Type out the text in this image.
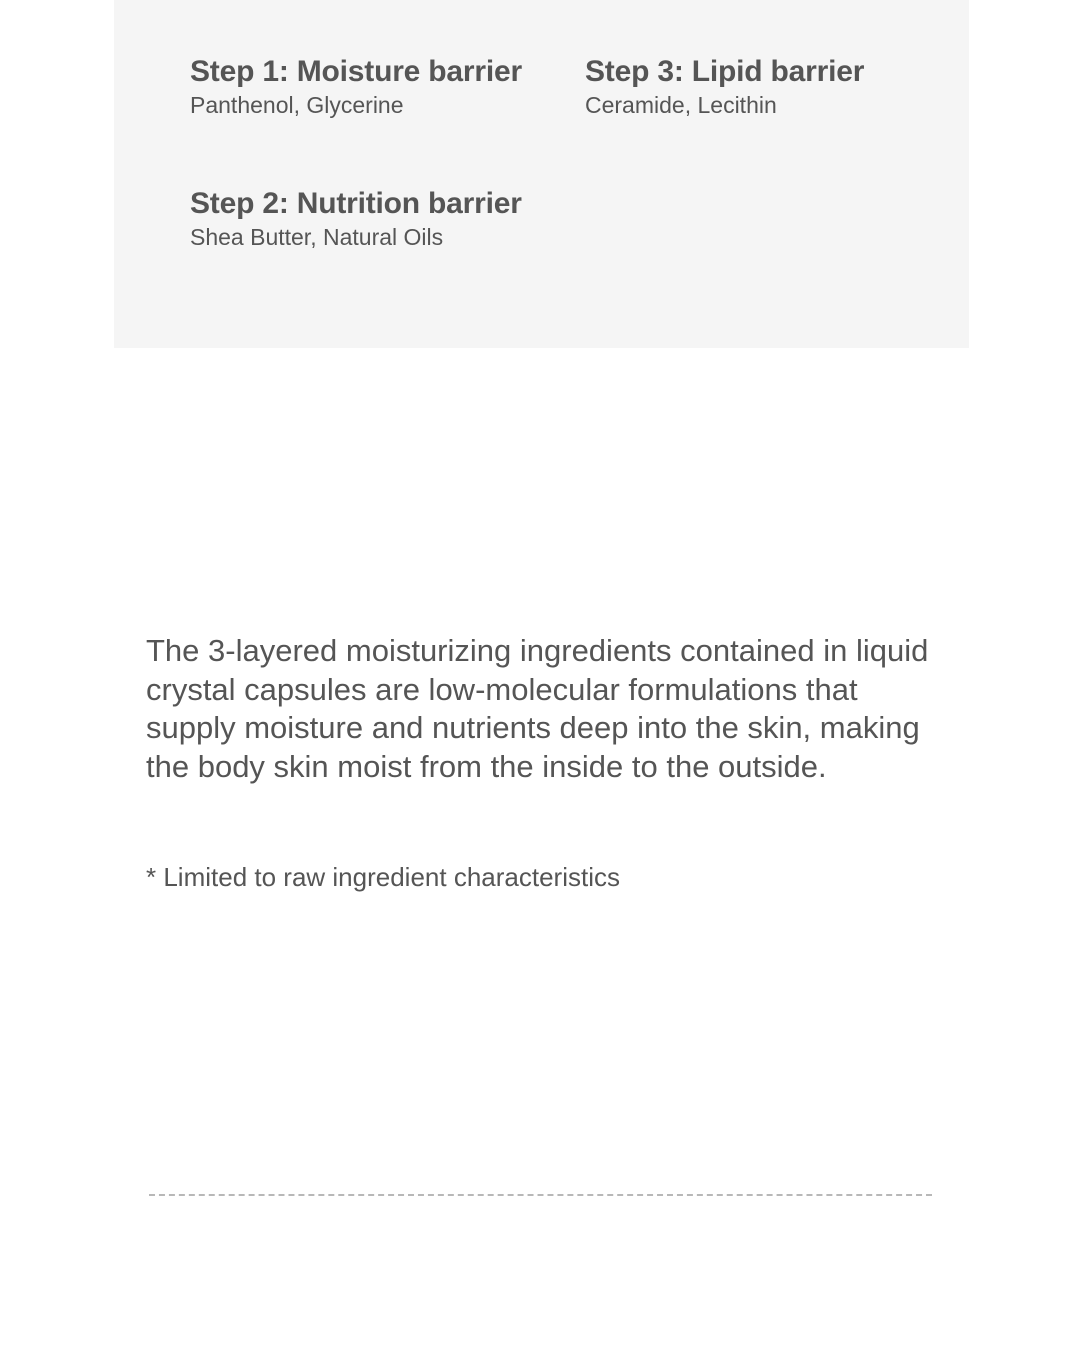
Step 1: Moisture barrier
Panthenol, Glycerine
Step 3: Lipid barrier
Ceramide, Lecithin
Step 2: Nutrition barrier
Shea Butter, Natural Oils

The 3-layered moisturizing ingredients contained in liquid crystal capsules are low-molecular formulations that supply moisture and nutrients deep into the skin, making the body skin moist from the inside to the outside.

* Limited to raw ingredient characteristics
